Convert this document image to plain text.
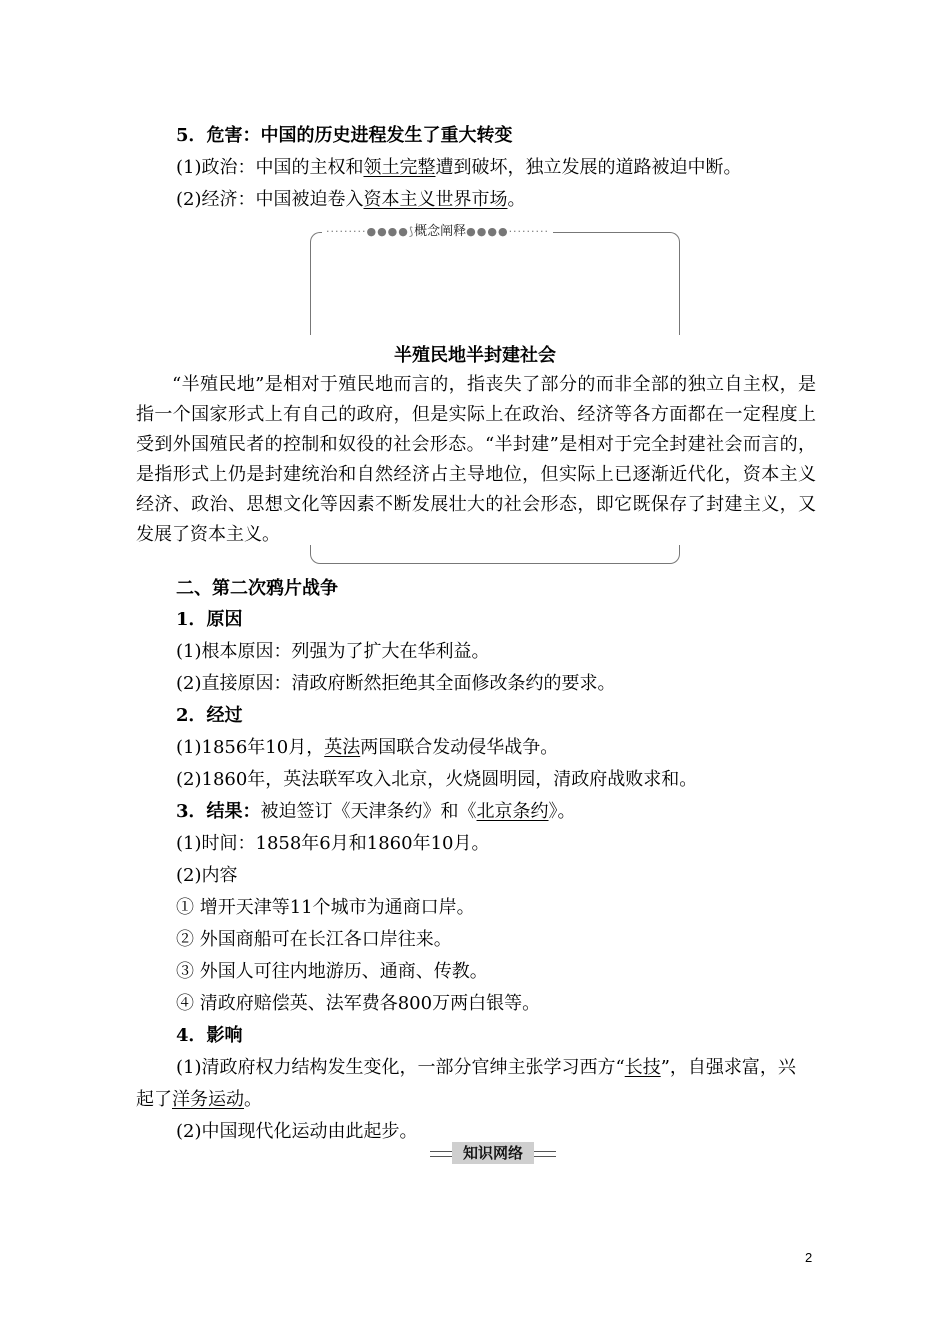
5．危害：中国的历史进程发生了重大转变
(1)政治：中国的主权和领土完整遭到破坏，独立发展的道路被迫中断。
(2)经济：中国被迫卷入资本主义世界市场。
·········●●●●⟆概念阐释●●●●·········
半殖民地半封建社会
“半殖民地”是相对于殖民地而言的，指丧失了部分的而非全部的独立自主权，是指一个国家形式上有自己的政府，但是实际上在政治、经济等各方面都在一定程度上受到外国殖民者的控制和奴役的社会形态。“半封建”是相对于完全封建社会而言的，是指形式上仍是封建统治和自然经济占主导地位，但实际上已逐渐近代化，资本主义经济、政治、思想文化等因素不断发展壮大的社会形态，即它既保存了封建主义，又发展了资本主义。
二、第二次鸦片战争
1．原因
(1)根本原因：列强为了扩大在华利益。
(2)直接原因：清政府断然拒绝其全面修改条约的要求。
2．经过
(1)1856年10月，英法两国联合发动侵华战争。
(2)1860年，英法联军攻入北京，火烧圆明园，清政府战败求和。
3．结果：被迫签订《天津条约》和《北京条约》。
(1)时间：1858年6月和1860年10月。
(2)内容
① 增开天津等11个城市为通商口岸。
② 外国商船可在长江各口岸往来。
③ 外国人可往内地游历、通商、传教。
④ 清政府赔偿英、法军费各800万两白银等。
4．影响
(1)清政府权力结构发生变化，一部分官绅主张学习西方“长技”，自强求富，兴
起了洋务运动。
(2)中国现代化运动由此起步。
知识网络
2
